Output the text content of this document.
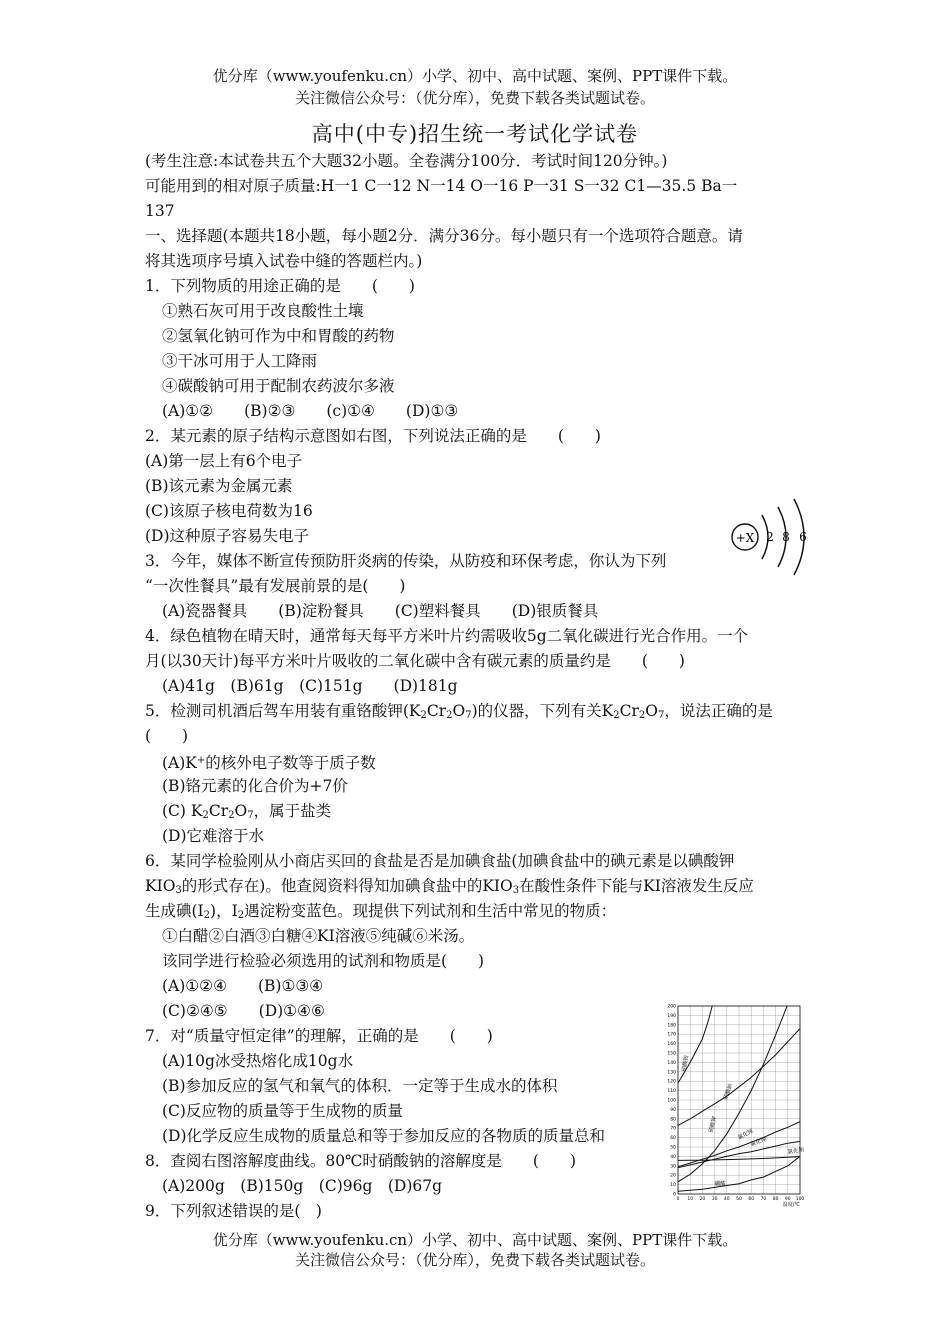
优分库（www.youfenku.cn）小学、初中、高中试题、案例、PPT课件下载。
关注微信公众号：（优分库），免费下载各类试题试卷。
高中(中专)招生统一考试化学试卷
(考生注意:本试卷共五个大题32小题。全卷满分100分．考试时间120分钟。)
可能用到的相对原子质量:H一1 C一12 N一14 O一16 P一31 S一32 C1—35.5 Ba一
137
一、选择题(本题共18小题，每小题2分．满分36分。每小题只有一个选项符合题意。请
将其选项序号填入试卷中缝的答题栏内。)
1．下列物质的用途正确的是　　(　　)
①熟石灰可用于改良酸性土壤
②氢氧化钠可作为中和胃酸的药物
③干冰可用于人工降雨
④碳酸钠可用于配制农药波尔多液
(A)①②　　(B)②③　　(c)①④　　(D)①③
2．某元素的原子结构示意图如右图，下列说法正确的是　　(　　)
(A)第一层上有6个电子
(B)该元素为金属元素
(C)该原子核电荷数为16
(D)这种原子容易失电子	+X 2 8 6
3．今年，媒体不断宣传预防肝炎病的传染，从防疫和环保考虑，你认为下列
“一次性餐具”最有发展前景的是(　　)
(A)瓷器餐具　　(B)淀粉餐具　　(C)塑料餐具　　(D)银质餐具
4．绿色植物在晴天时，通常每天每平方米叶片约需吸收5g二氧化碳进行光合作用。一个
月(以30天计)每平方米叶片吸收的二氧化碳中含有碳元素的质量约是　　(　　)
(A)41g　(B)61g　(C)151g　　(D)181g
5．检测司机酒后驾车用装有重铬酸钾$(K_2Cr_2O_7)$的仪器，下列有关$K_2Cr_2O_7$，说法正确的是
(　　)
(A)K+的核外电子数等于质子数
(B)铬元素的化合价为+7价
(C) $K_2Cr_2O_7$，属于盐类
(D)它难溶于水
6．某同学检验刚从小商店买回的食盐是否是加碘食盐(加碘食盐中的碘元素是以碘酸钾
$KIO_3$的形式存在)。他查阅资料得知加碘食盐中的$KIO_3$在酸性条件下能与KI溶液发生反应
生成碘$(I_2)$，$I_2$遇淀粉变蓝色。现提供下列试剂和生活中常见的物质：
①白醋②白酒③白糖④KI溶液⑤纯碱⑥米汤。
该同学进行检验必须选用的试剂和物质是(　　)
(A)①②④　　(B)①③④
(C)②④⑤　　(D)①④⑥
7．对“质量守恒定律”的理解，正确的是　　(　　)
(A)10g冰受热熔化成10g水
(B)参加反应的氢气和氧气的体积．一定等于生成水的体积
(C)反应物的质量等于生成物的质量
(D)化学反应生成物的质量总和等于参加反应的各物质的质量总和
8．查阅右图溶解度曲线。80℃时硝酸钠的溶解度是　　(　　)
(A)200g　(B)150g　(C)96g　(D)67g
9．下列叙述错误的是(　)
0 10 20 30 40 50 60 70 80 90 100
0
10
20
30
40
50
60
70
80
90
100
110
120
130
140
150
160
170
180
190
200
硝酸铵
硝酸钠
硝酸钾
氯化铵
氯化钾
氯化钠
硼酸
温度/℃
优分库（www.youfenku.cn）小学、初中、高中试题、案例、PPT课件下载。
关注微信公众号：（优分库），免费下载各类试题试卷。
